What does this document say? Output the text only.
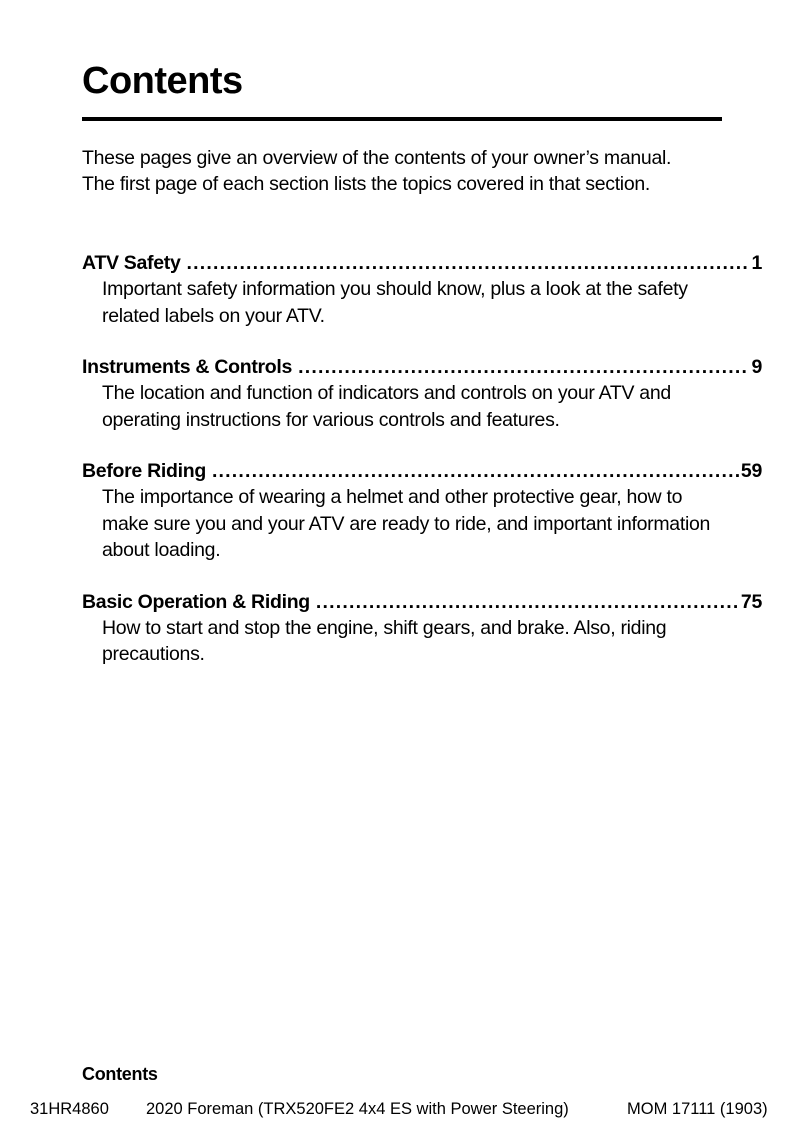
Contents

These pages give an overview of the contents of your owner’s manual.

The first page of each section lists the topics covered in that section.

ATV Safety .....	1

Important safety information you should know, plus a look at the safety related labels on your ATV.

Instruments & Controls .....	9

The location and function of indicators and controls on your ATV and operating instructions for various controls and features.

Before Riding .....	59

The importance of wearing a helmet and other protective gear, how to make sure you and your ATV are ready to ride, and important information about loading.

Basic Operation & Riding .....	75

How to start and stop the engine, shift gears, and brake. Also, riding precautions.

Contents
31HR4860 2020 Foreman (TRX520FE2 4x4 ES with Power Steering)	MOM 17111 (1903)
